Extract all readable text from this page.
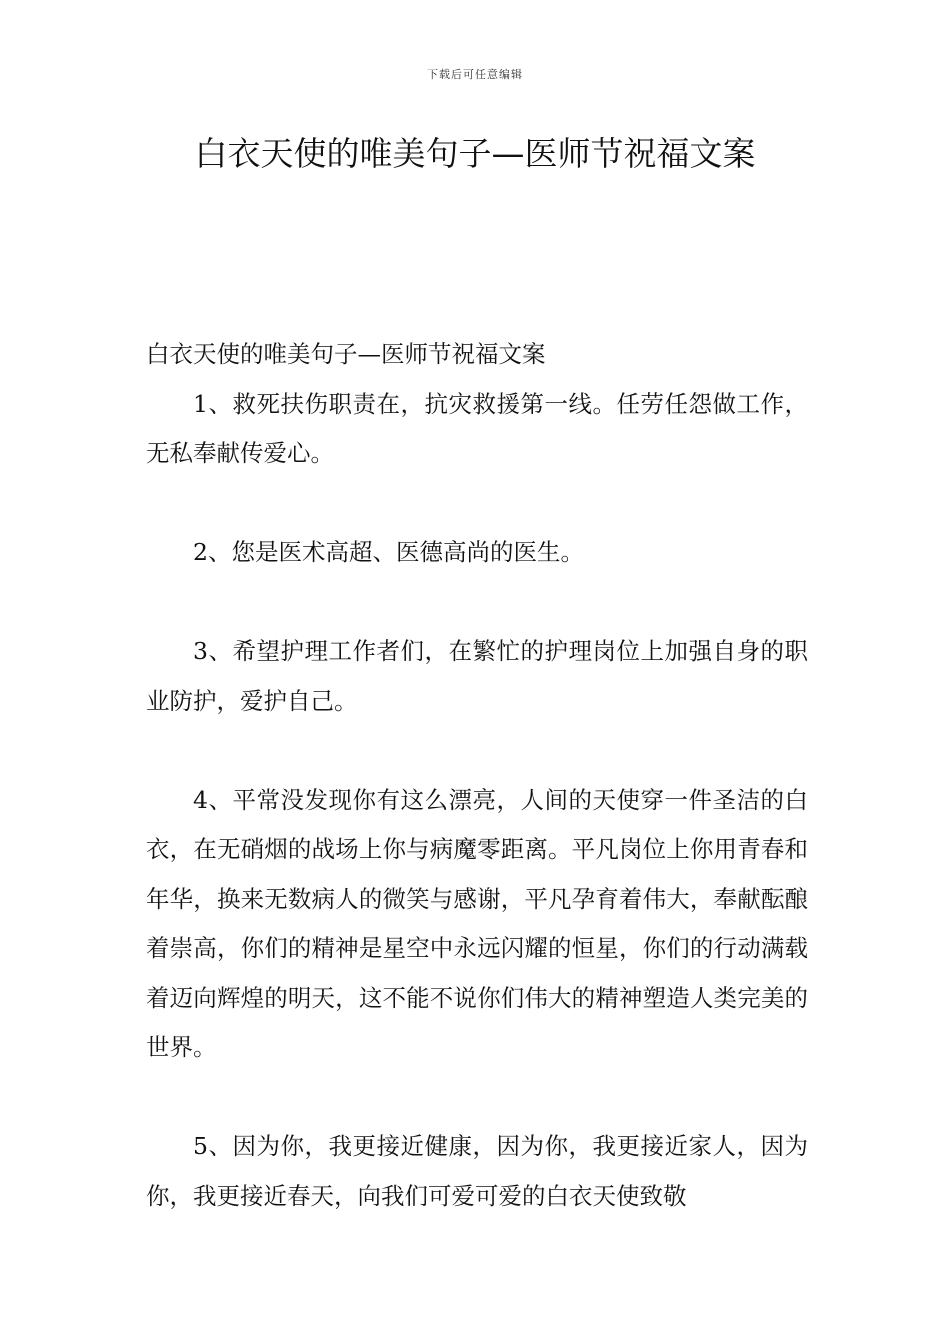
下载后可任意编辑
白衣天使的唯美句子—医师节祝福文案

白衣天使的唯美句子—医师节祝福文案

1、救死扶伤职责在，抗灾救援第一线。任劳任怨做工作，无私奉献传爱心。

2、您是医术高超、医德高尚的医生。

3、希望护理工作者们，在繁忙的护理岗位上加强自身的职业防护，爱护自己。

4、平常没发现你有这么漂亮，人间的天使穿一件圣洁的白衣，在无硝烟的战场上你与病魔零距离。平凡岗位上你用青春和年华，换来无数病人的微笑与感谢，平凡孕育着伟大，奉献酝酿着崇高，你们的精神是星空中永远闪耀的恒星，你们的行动满载着迈向辉煌的明天，这不能不说你们伟大的精神塑造人类完美的世界。

5、因为你，我更接近健康，因为你，我更接近家人，因为你，我更接近春天，向我们可爱可爱的白衣天使致敬
